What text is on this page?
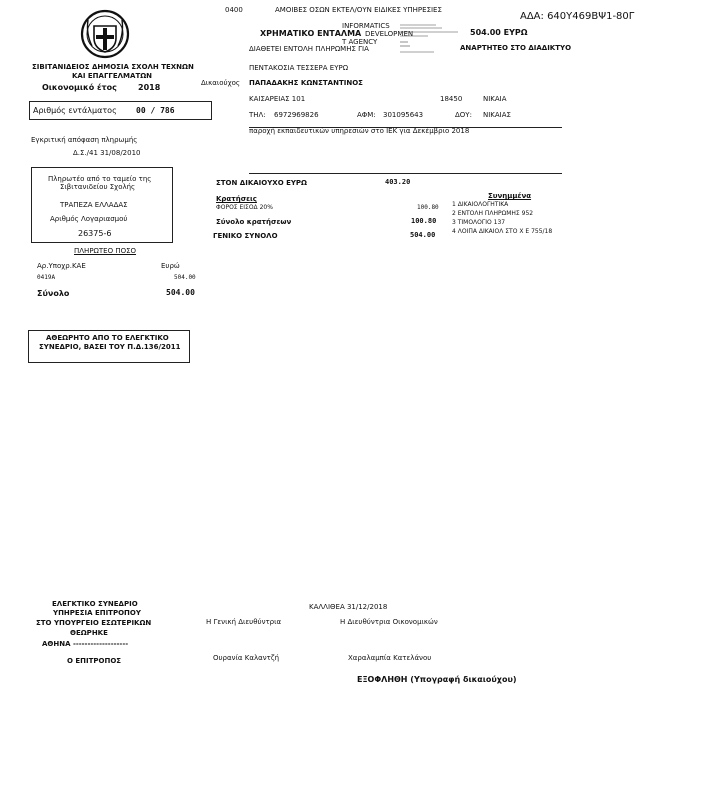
0400	ΑΜΟΙΒΕΣ ΟΣΩΝ ΕΚΤΕΛ/ΟΥΝ ΕΙΔΙΚΕΣ ΥΠΗΡΕΣΙΕΣ
ΑΔΑ: 640Υ469ΒΨ1-80Γ
INFORMATICS
ΧΡΗΜΑΤΙΚΟ ΕΝΤΑΛΜΑ DEVELOPMEN	504.00 ΕΥΡΩ
T AGENCY
ΔΙΑΘΕΤΕΙ ΕΝΤΟΛΗ ΠΛΗΡΩΜΗΣ ΓΙΑ	ΑΝΑΡΤΗΤΕΟ ΣΤΟ ΔΙΑΔΙΚΤΥΟ
ΣΙΒΙΤΑΝΙΔΕΙΟΣ ΔΗΜΟΣΙΑ ΣΧΟΛΗ ΤΕΧΝΩΝ
ΚΑΙ ΕΠΑΓΓΕΛΜΑΤΩΝ
Οικονομικό έτος	2018	Δικαιούχος
Αριθμός εντάλματος 00 / 786
ΠΕΝΤΑΚΟΣΙΑ ΤΕΣΣΕΡΑ ΕΥΡΩ
ΠΑΠΑΔΑΚΗΣ ΚΩΝΣΤΑΝΤΙΝΟΣ
ΚΑΙΣΑΡΕΙΑΣ 101	18450	ΝΙΚΑΙΑ
ΤΗΛ: 6972969826	ΑΦΜ: 301095643	ΔΟΥ: ΝΙΚΑΙΑΣ
παροχή εκπαιδευτικών υπηρεσιών στο ΙΕΚ για Δεκέμβριο 2018
Εγκριτική απόφαση πληρωμής
Δ.Σ./41 31/08/2010
Πληρωτέο από το ταμείο της
Σιβιτανιδείου Σχολής
ΤΡΑΠΕΖΑ ΕΛΛΑΔΑΣ
Αριθμός Λογαριασμού
26375-6
ΠΛΗΡΩΤΕΟ ΠΟΣΟ
Αρ.Υποχρ.ΚΑΕ	Ευρώ
0419A	504.00
Σύνολο	504.00
ΣΤΟΝ ΔΙΚΑΙΟΥΧΟ ΕΥΡΩ	403.20
Κρατήσεις
ΦΟΡΟΣ ΕΙΣΟΔ 20%	100.80
Σύνολο κρατήσεων	100.80
ΓΕΝΙΚΟ ΣΥΝΟΛΟ	504.00
Συνημμένα
1 ΔΙΚΑΙΟΛΟΓΗΤΙΚΑ
2 ΕΝΤΟΛΗ ΠΛΗΡΩΜΗΣ 952
3 ΤΙΜΟΛΟΓΙΟ 137
4 ΛΟΙΠΑ ΔΙΚΑΙΟΛ ΣΤΟ Χ Ε 755/18
ΑΘΕΩΡΗΤΟ ΑΠΟ ΤΟ ΕΛΕΓΚΤΙΚΟ
ΣΥΝΕΔΡΙΟ, ΒΑΣΕΙ ΤΟΥ Π.Δ.136/2011
ΕΛΕΓΚΤΙΚΟ ΣΥΝΕΔΡΙΟ
ΥΠΗΡΕΣΙΑ ΕΠΙΤΡΟΠΟΥ
ΣΤΟ ΥΠΟΥΡΓΕΙΟ ΕΣΩΤΕΡΙΚΩΝ
ΘΕΩΡΗΚΕ
ΑΘΗΝΑ -------------------
Ο ΕΠΙΤΡΟΠΟΣ
ΚΑΛΛΙΘΕΑ 31/12/2018
Η Γενική Διευθύντρια	Η Διευθύντρια Οικονομικών
Ουρανία Καλαντζή	Χαραλαμπία Κατελάνου
ΕΞΟΦΛΗΘΗ (Υπογραφή δικαιούχου)
